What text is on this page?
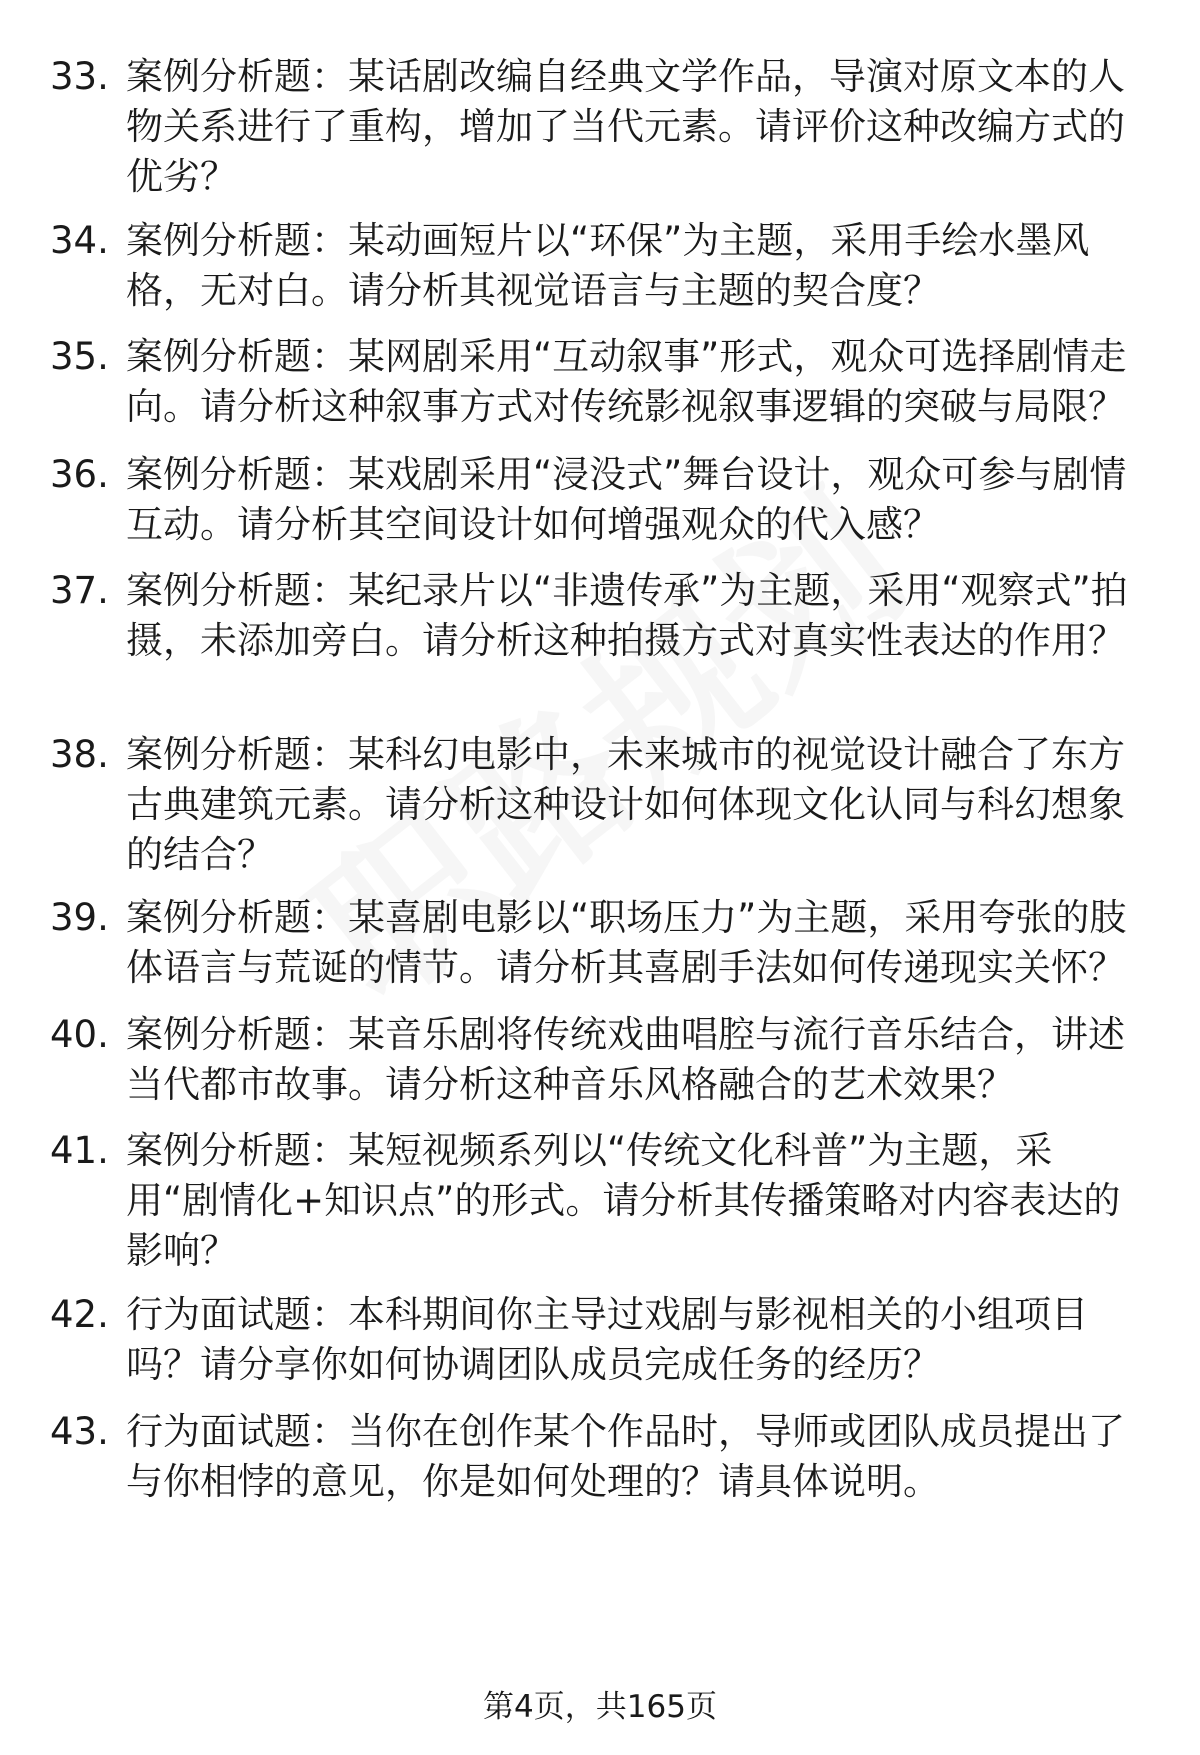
33. 案例分析题：某话剧改编自经典文学作品，导演对原文本的人物关系进行了重构，增加了当代元素。请评价这种改编方式的优劣？
34. 案例分析题：某动画短片以“环保”为主题，采用手绘水墨风格，无对白。请分析其视觉语言与主题的契合度？
35. 案例分析题：某网剧采用“互动叙事”形式，观众可选择剧情走向。请分析这种叙事方式对传统影视叙事逻辑的突破与局限？
36. 案例分析题：某戏剧采用“浸没式”舞台设计，观众可参与剧情互动。请分析其空间设计如何增强观众的代入感？
37. 案例分析题：某纪录片以“非遗传承”为主题，采用“观察式”拍摄，未添加旁白。请分析这种拍摄方式对真实性表达的作用？
38. 案例分析题：某科幻电影中，未来城市的视觉设计融合了东方古典建筑元素。请分析这种设计如何体现文化认同与科幻想象的结合？
39. 案例分析题：某喜剧电影以“职场压力”为主题，采用夸张的肢体语言与荒诞的情节。请分析其喜剧手法如何传递现实关怀？
40. 案例分析题：某音乐剧将传统戏曲唱腔与流行音乐结合，讲述当代都市故事。请分析这种音乐风格融合的艺术效果？
41. 案例分析题：某短视频系列以“传统文化科普”为主题，采用“剧情化+知识点”的形式。请分析其传播策略对内容表达的影响？
42. 行为面试题：本科期间你主导过戏剧与影视相关的小组项目吗？请分享你如何协调团队成员完成任务的经历？
43. 行为面试题：当你在创作某个作品时，导师或团队成员提出了与你相悖的意见，你是如何处理的？请具体说明。
第4页，共165页
